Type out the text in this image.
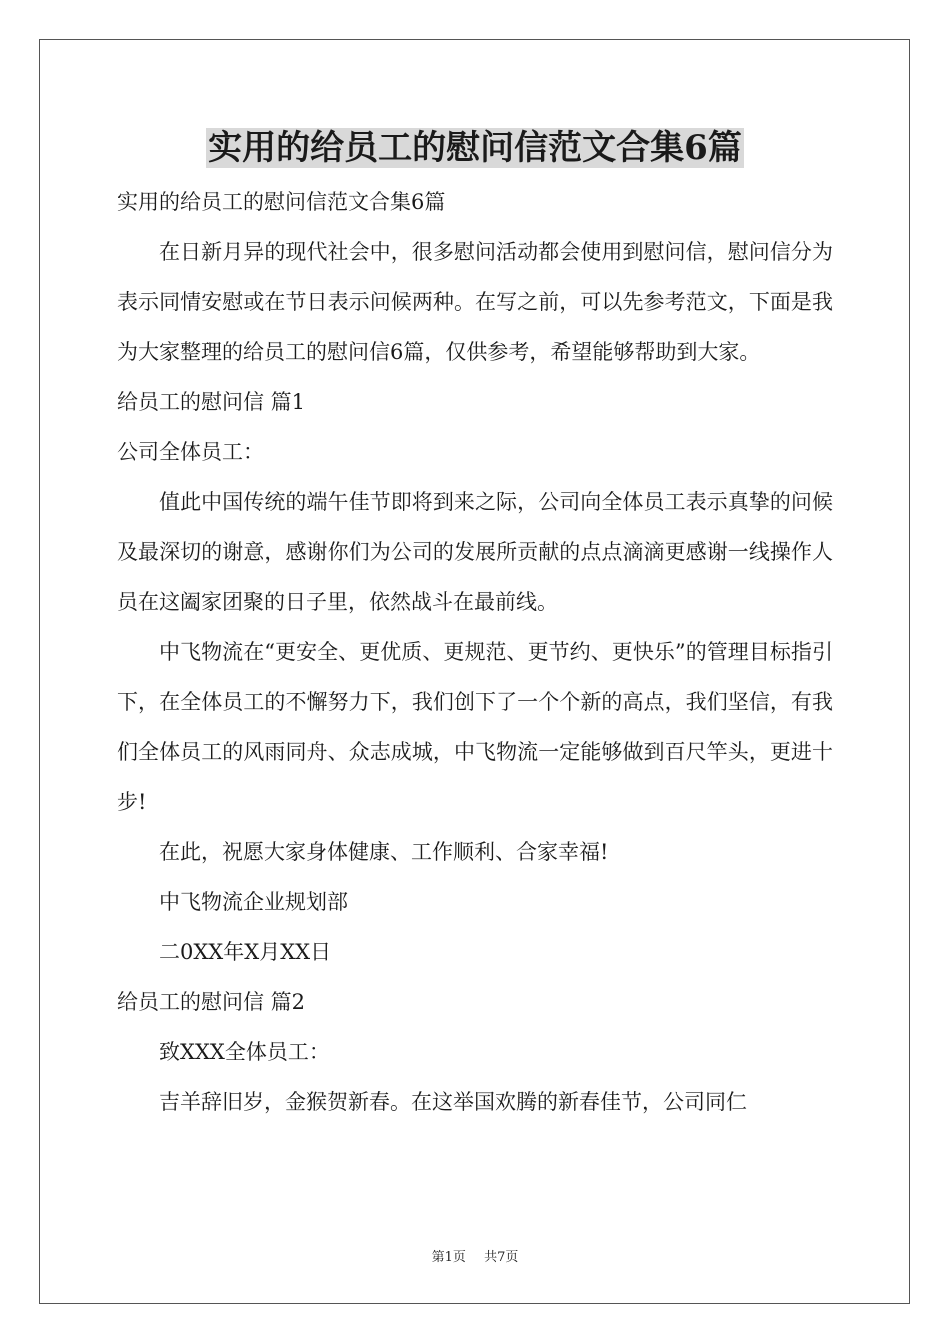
实用的给员工的慰问信范文合集6篇

实用的给员工的慰问信范文合集6篇

在日新月异的现代社会中，很多慰问活动都会使用到慰问信，慰问信分为表示同情安慰或在节日表示问候两种。在写之前，可以先参考范文，下面是我为大家整理的给员工的慰问信6篇，仅供参考，希望能够帮助到大家。

给员工的慰问信 篇1

公司全体员工：

值此中国传统的端午佳节即将到来之际，公司向全体员工表示真挚的问候及最深切的谢意，感谢你们为公司的发展所贡献的点点滴滴更感谢一线操作人员在这阖家团聚的日子里，依然战斗在最前线。

中飞物流在“更安全、更优质、更规范、更节约、更快乐”的管理目标指引下，在全体员工的不懈努力下，我们创下了一个个新的高点，我们坚信，有我们全体员工的风雨同舟、众志成城，中飞物流一定能够做到百尺竿头，更进十步!

在此，祝愿大家身体健康、工作顺利、合家幸福!

中飞物流企业规划部

二0XX年X月XX日

给员工的慰问信 篇2

致XXX全体员工：

吉羊辞旧岁，金猴贺新春。在这举国欢腾的新春佳节，公司同仁

第1页 共7页
